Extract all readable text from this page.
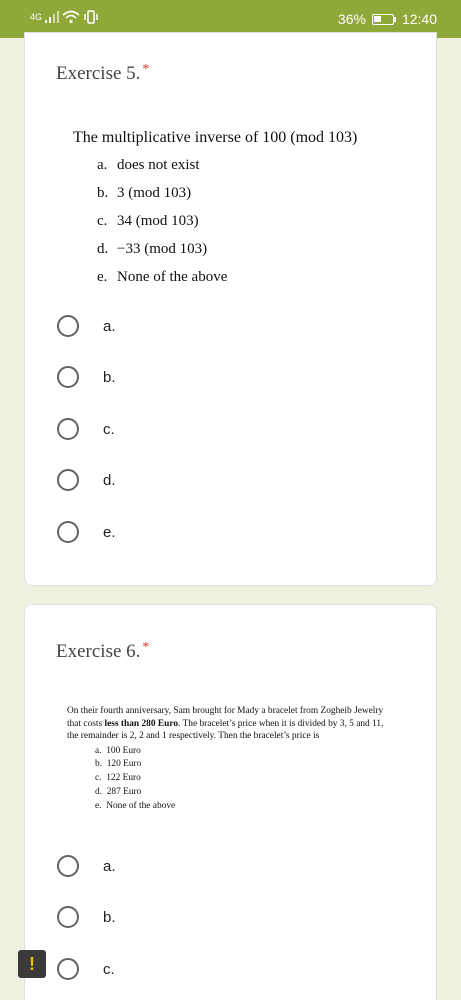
4G	36%	12:40
Exercise 5. *
The multiplicative inverse of 100 (mod 103)
a. does not exist
b. 3 (mod 103)
c. 34 (mod 103)
d. −33 (mod 103)
e. None of the above
a.
b.
c.
d.
e.
Exercise 6. *
On their fourth anniversary, Sam brought for Mady a bracelet from Zogheib Jewelry that costs less than 280 Euro. The bracelet’s price when it is divided by 3, 5 and 11, the remainder is 2, 2 and 1 respectively. Then the bracelet’s price is
a. 100 Euro
b. 120 Euro
c. 122 Euro
d. 287 Euro
e. None of the above
a.
b.
c.
!
